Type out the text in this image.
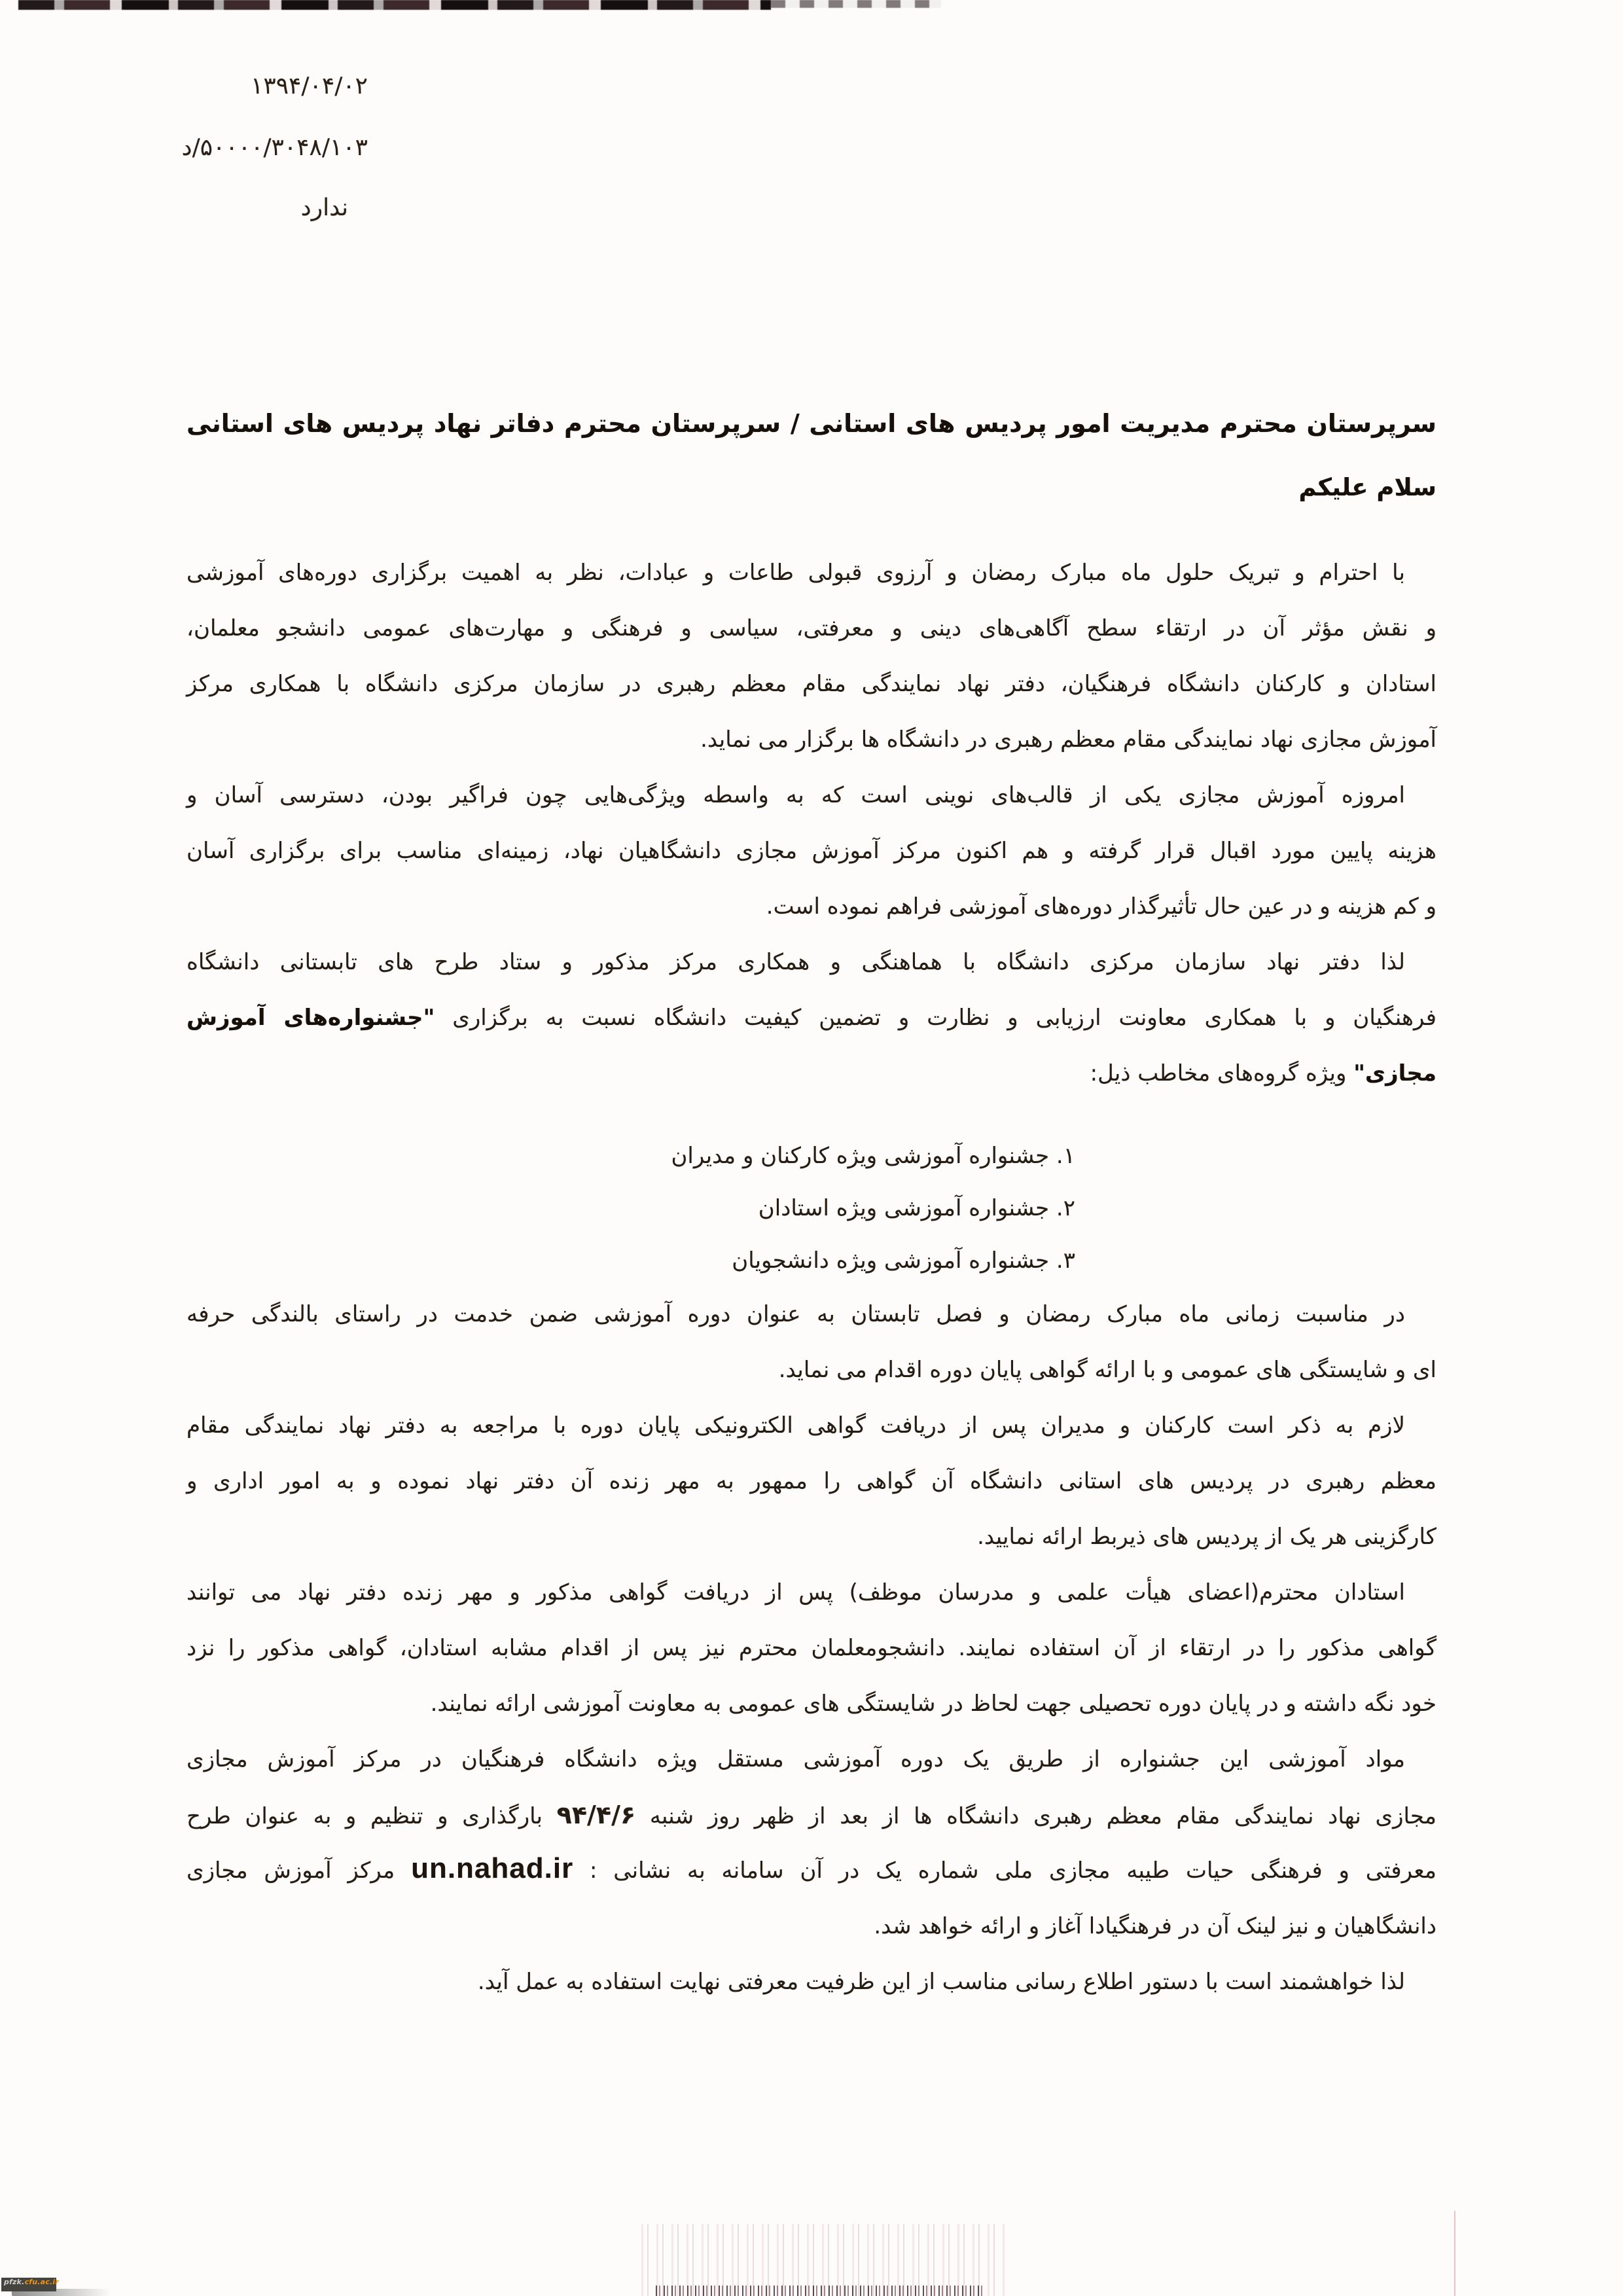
۱۳۹۴/۰۴/۰۲
۵۰۰۰۰/۳۰۴۸/۱۰۳/د
ندارد
سرپرستان محترم مدیریت امور پردیس های استانی / سرپرستان محترم دفاتر نهاد پردیس های استانی
سلام علیکم
با احترام و تبریک حلول ماه مبارک رمضان و آرزوی قبولی طاعات و عبادات، نظر به اهمیت برگزاری دوره‌های آموزشی
و نقش مؤثر آن در ارتقاء سطح آگاهی‌های دینی و معرفتی، سیاسی و فرهنگی و مهارت‌های عمومی دانشجو معلمان،
استادان و کارکنان دانشگاه فرهنگیان، دفتر نهاد نمایندگی مقام معظم رهبری در سازمان مرکزی دانشگاه با همکاری مرکز
آموزش مجازی نهاد نمایندگی مقام معظم رهبری در دانشگاه ها برگزار می نماید.
امروزه آموزش مجازی یکی از قالب‌های نوینی است که به واسطه ویژگی‌هایی چون فراگیر بودن، دسترسی آسان و
هزینه پایین مورد اقبال قرار گرفته و هم اکنون مرکز آموزش مجازی دانشگاهیان نهاد، زمینه‌ای مناسب برای برگزاری آسان
و کم هزینه و در عین حال تأثیرگذار دوره‌های آموزشی فراهم نموده است.
لذا دفتر نهاد سازمان مرکزی دانشگاه با هماهنگی و همکاری مرکز مذکور و ستاد طرح های تابستانی دانشگاه
فرهنگیان و با همکاری معاونت ارزیابی و نظارت و تضمین کیفیت دانشگاه نسبت به برگزاری "جشنواره‌های آموزش
مجازی" ویژه گروه‌های مخاطب ذیل:
۱. جشنواره آموزشی ویژه کارکنان و مدیران
۲. جشنواره آموزشی ویژه استادان
۳. جشنواره آموزشی ویژه دانشجویان
در مناسبت زمانی ماه مبارک رمضان و فصل تابستان به عنوان دوره آموزشی ضمن خدمت در راستای بالندگی حرفه
ای و شایستگی های عمومی و با ارائه گواهی پایان دوره اقدام می نماید.
لازم به ذکر است کارکنان و مدیران پس از دریافت گواهی الکترونیکی پایان دوره با مراجعه به دفتر نهاد نمایندگی مقام
معظم رهبری در پردیس های استانی دانشگاه آن گواهی را ممهور به مهر زنده آن دفتر نهاد نموده و به امور اداری و
کارگزینی هر یک از پردیس های ذیربط ارائه نمایید.
استادان محترم(اعضای هیأت علمی و مدرسان موظف) پس از دریافت گواهی مذکور و مهر زنده دفتر نهاد می توانند
گواهی مذکور را در ارتقاء از آن استفاده نمایند. دانشجومعلمان محترم نیز پس از اقدام مشابه استادان، گواهی مذکور را نزد
خود نگه داشته و در پایان دوره تحصیلی جهت لحاظ در شایستگی های عمومی به معاونت آموزشی ارائه نمایند.
مواد آموزشی این جشنواره از طریق یک دوره آموزشی مستقل ویژه دانشگاه فرهنگیان در مرکز آموزش مجازی
مجازی نهاد نمایندگی مقام معظم رهبری دانشگاه ها از بعد از ظهر روز شنبه ۹۴/۴/۶ بارگذاری و تنظیم و به عنوان طرح
معرفتی و فرهنگی حیات طیبه مجازی ملی شماره یک در آن سامانه به نشانی : un.nahad.ir مرکز آموزش مجازی
دانشگاهیان و نیز لینک آن در فرهنگیادا آغاز و ارائه خواهد شد.
لذا خواهشمند است با دستور اطلاع رسانی مناسب از این ظرفیت معرفتی نهایت استفاده به عمل آید.
pfzk.cfu.ac.ir
